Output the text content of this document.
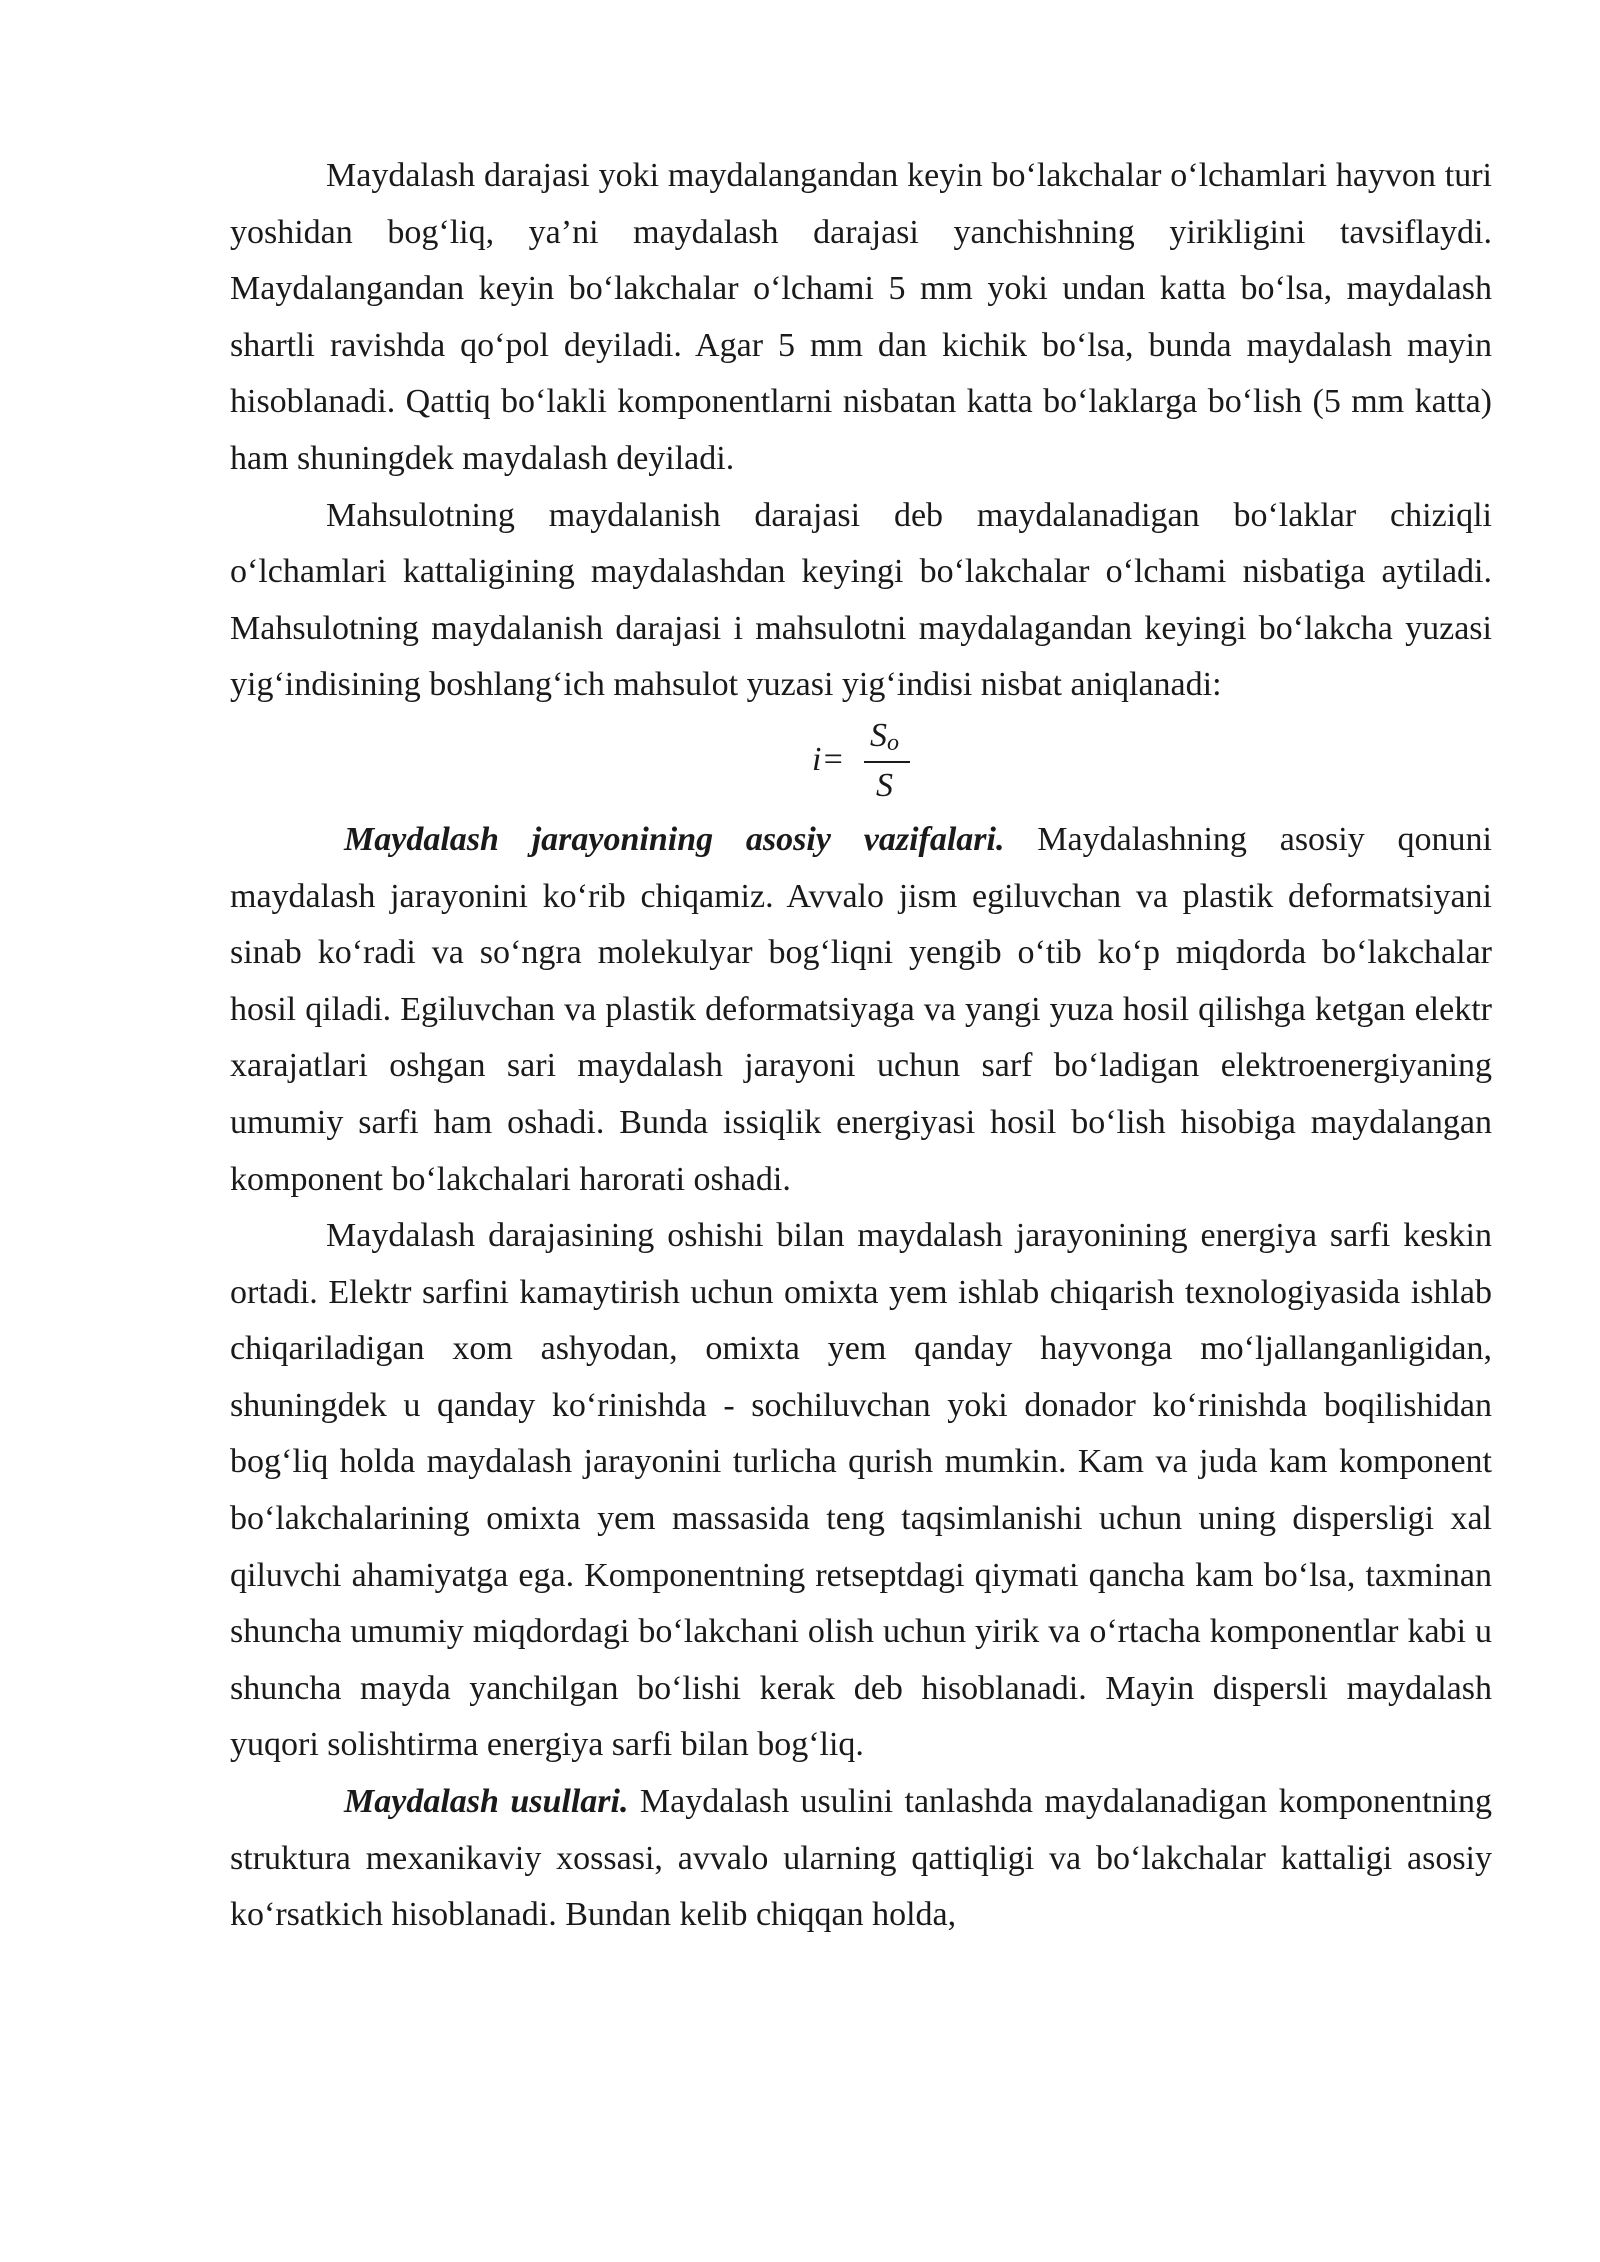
Maydalash darajasi yoki maydalangandan keyin boʻlakchalar oʻlchamlari hayvon turi yoshidan bogʻliq, ya’ni maydalash darajasi yanchishning yirikligini tavsiflaydi. Maydalangandan keyin boʻlakchalar oʻlchami 5 mm yoki undan katta boʻlsa, maydalash shartli ravishda qoʻpol deyiladi. Agar 5 mm dan kichik boʻlsa, bunda maydalash mayin hisoblanadi. Qattiq boʻlakli komponentlarni nisbatan katta boʻlaklarga boʻlish (5 mm katta) ham shuningdek maydalash deyiladi.

Mahsulotning maydalanish darajasi deb maydalanadigan boʻlaklar chiziqli oʻlchamlari kattaligining maydalashdan keyingi boʻlakchalar oʻlchami nisbatiga aytiladi. Mahsulotning maydalanish darajasi i mahsulotni maydalagandan keyingi boʻlakcha yuzasi yigʻindisining boshlangʻich mahsulot yuzasi yigʻindisi nisbat aniqlanadi:

i=
$S_o$
S

Maydalash jarayonining asosiy vazifalari. Maydalashning asosiy qonuni maydalash jarayonini koʻrib chiqamiz. Avvalo jism egiluvchan va plastik deformatsiyani sinab koʻradi va soʻngra molekulyar bogʻliqni yengib oʻtib koʻp miqdorda boʻlakchalar hosil qiladi. Egiluvchan va plastik deformatsiyaga va yangi yuza hosil qilishga ketgan elektr xarajatlari oshgan sari maydalash jarayoni uchun sarf boʻladigan elektroenergiyaning umumiy sarfi ham oshadi. Bunda issiqlik energiyasi hosil boʻlish hisobiga maydalangan komponent boʻlakchalari harorati oshadi.

Maydalash darajasining oshishi bilan maydalash jarayonining energiya sarfi keskin ortadi. Elektr sarfini kamaytirish uchun omixta yem ishlab chiqarish texnologiyasida ishlab chiqariladigan xom ashyodan, omixta yem qanday hayvonga moʻljallanganligidan, shuningdek u qanday koʻrinishda - sochiluvchan yoki donador koʻrinishda boqilishidan bogʻliq holda maydalash jarayonini turlicha qurish mumkin. Kam va juda kam komponent boʻlakchalarining omixta yem massasida teng taqsimlanishi uchun uning dispersligi xal qiluvchi ahamiyatga ega. Komponentning retseptdagi qiymati qancha kam boʻlsa, taxminan shuncha umumiy miqdordagi boʻlakchani olish uchun yirik va oʻrtacha komponentlar kabi u shuncha mayda yanchilgan boʻlishi kerak deb hisoblanadi. Mayin dispersli maydalash yuqori solishtirma energiya sarfi bilan bogʻliq.

Maydalash usullari. Maydalash usulini tanlashda maydalanadigan komponentning struktura mexanikaviy xossasi, avvalo ularning qattiqligi va boʻlakchalar kattaligi asosiy koʻrsatkich hisoblanadi. Bundan kelib chiqqan holda,
